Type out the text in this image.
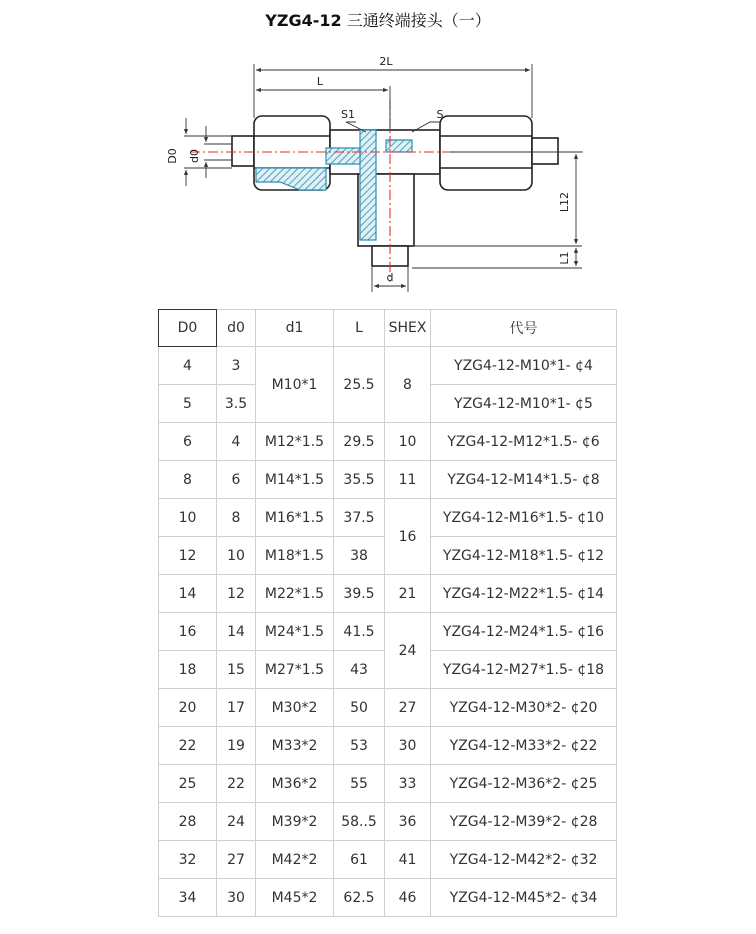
YZG4-12 三通终端接头（一）
2L
L
S1	S
D0 d0
L12
L1
d
D0	d0	d1	L	SHEX	代号
4	3	M10*1	25.5	8	YZG4-12-M10*1- ¢4
5	3.5				YZG4-12-M10*1- ¢5
6	4	M12*1.5	29.5	10	YZG4-12-M12*1.5- ¢6
8	6	M14*1.5	35.5	11	YZG4-12-M14*1.5- ¢8
10	8	M16*1.5	37.5	16	YZG4-12-M16*1.5- ¢10
12	10	M18*1.5	38		YZG4-12-M18*1.5- ¢12
14	12	M22*1.5	39.5	21	YZG4-12-M22*1.5- ¢14
16	14	M24*1.5	41.5	24	YZG4-12-M24*1.5- ¢16
18	15	M27*1.5	43		YZG4-12-M27*1.5- ¢18
20	17	M30*2	50	27	YZG4-12-M30*2- ¢20
22	19	M33*2	53	30	YZG4-12-M33*2- ¢22
25	22	M36*2	55	33	YZG4-12-M36*2- ¢25
28	24	M39*2	58..5	36	YZG4-12-M39*2- ¢28
32	27	M42*2	61	41	YZG4-12-M42*2- ¢32
34	30	M45*2	62.5	46	YZG4-12-M45*2- ¢34
